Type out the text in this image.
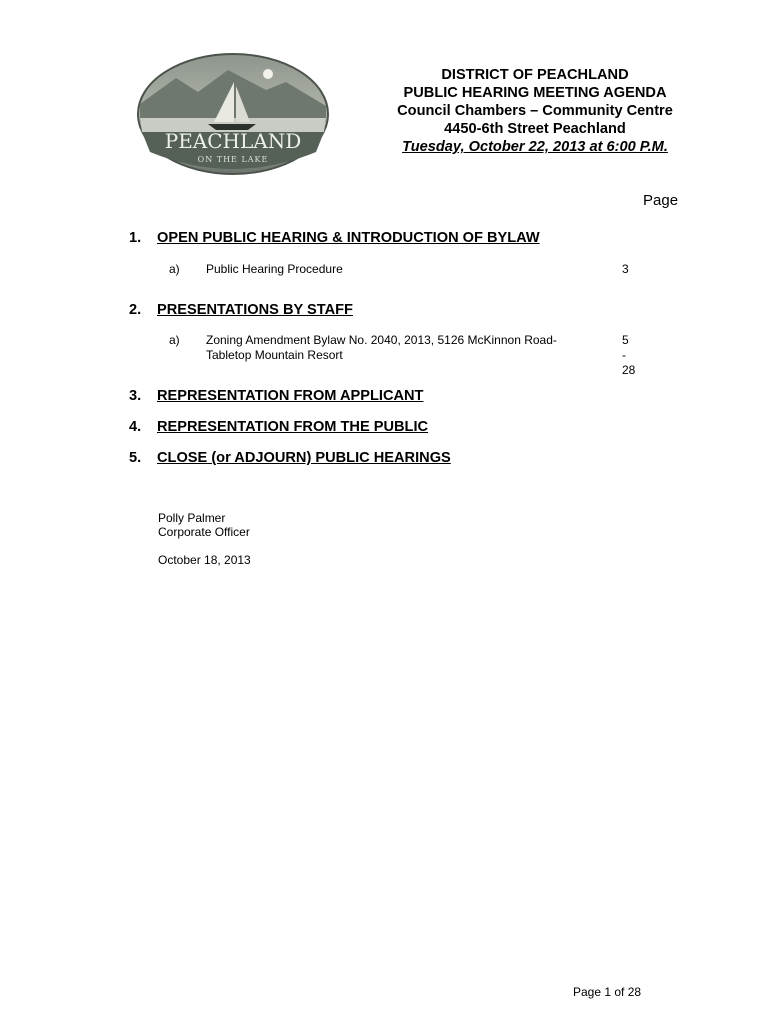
PEACHLAND
ON THE LAKE
DISTRICT OF PEACHLAND
PUBLIC HEARING MEETING AGENDA
Council Chambers – Community Centre
4450-6th Street Peachland
Tuesday, October 22, 2013 at 6:00 P.M.
Page
1. OPEN PUBLIC HEARING & INTRODUCTION OF BYLAW
a) Public Hearing Procedure	3
2. PRESENTATIONS BY STAFF
a) Zoning Amendment Bylaw No. 2040, 2013, 5126 McKinnon Road-
Tabletop Mountain Resort
5 - 28
3. REPRESENTATION FROM APPLICANT
4. REPRESENTATION FROM THE PUBLIC
5. CLOSE (or ADJOURN) PUBLIC HEARINGS
Polly Palmer
Corporate Officer
October 18, 2013
Page 1 of 28
